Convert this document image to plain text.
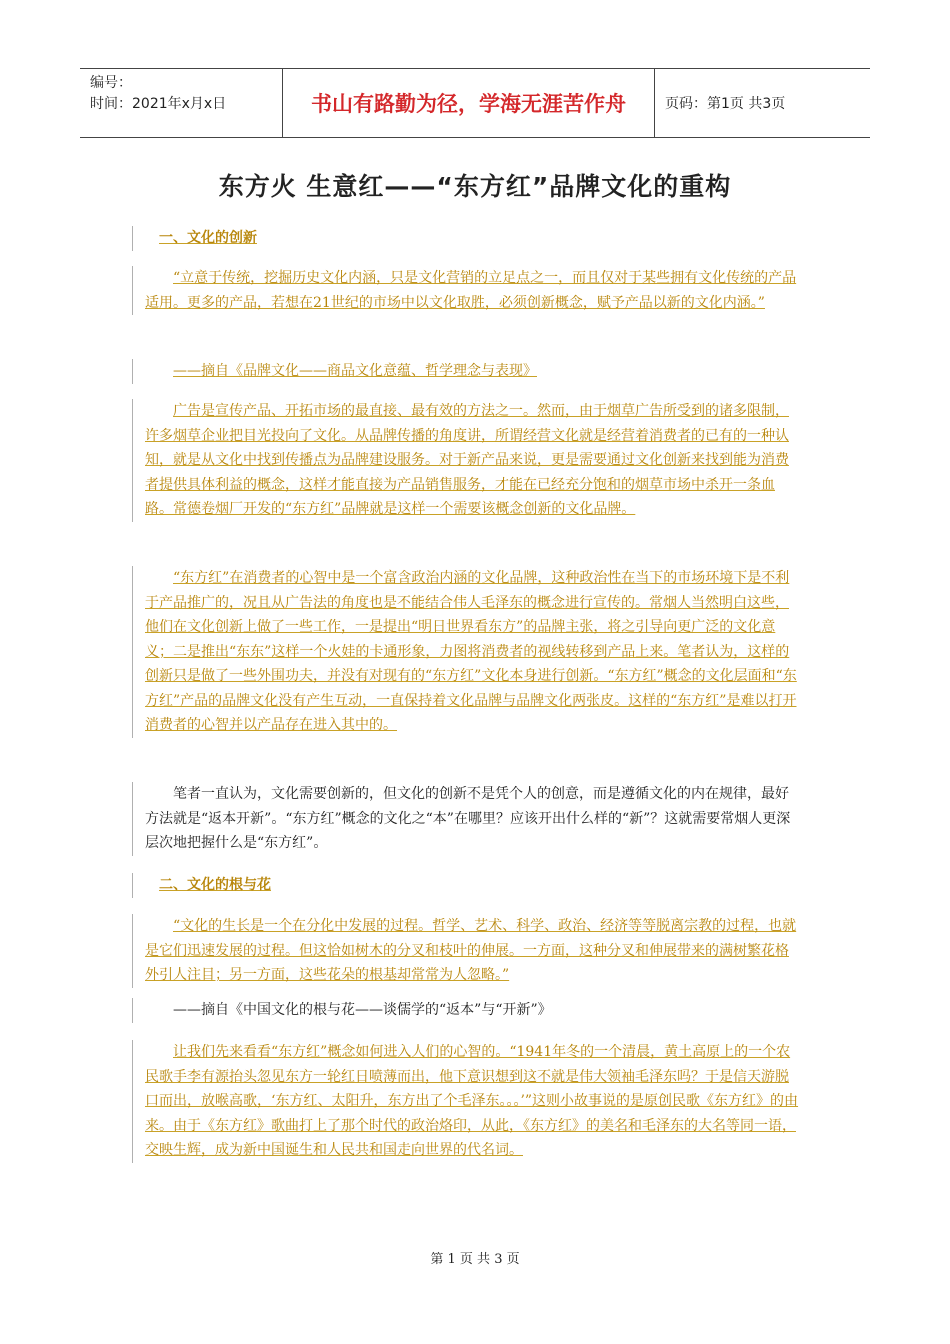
编号：
时间：2021年x月x日	书山有路勤为径，学海无涯苦作舟	页码：第1页 共3页
东方火 生意红——“东方红”品牌文化的重构
一、文化的创新
“立意于传统，挖掘历史文化内涵，只是文化营销的立足点之一，而且仅对于某些拥有文化传统的产品适用。更多的产品，若想在21世纪的市场中以文化取胜，必须创新概念，赋予产品以新的文化内涵。”
——摘自《品牌文化——商品文化意蕴、哲学理念与表现》
广告是宣传产品、开拓市场的最直接、最有效的方法之一。然而，由于烟草广告所受到的诸多限制，许多烟草企业把目光投向了文化。从品牌传播的角度讲，所谓经营文化就是经营着消费者的已有的一种认知，就是从文化中找到传播点为品牌建设服务。对于新产品来说，更是需要通过文化创新来找到能为消费者提供具体利益的概念，这样才能直接为产品销售服务，才能在已经充分饱和的烟草市场中杀开一条血路。常德卷烟厂开发的“东方红”品牌就是这样一个需要该概念创新的文化品牌。
“东方红”在消费者的心智中是一个富含政治内涵的文化品牌，这种政治性在当下的市场环境下是不利于产品推广的，况且从广告法的角度也是不能结合伟人毛泽东的概念进行宣传的。常烟人当然明白这些，他们在文化创新上做了一些工作，一是提出“明日世界看东方”的品牌主张，将之引导向更广泛的文化意义；二是推出“东东”这样一个火娃的卡通形象，力图将消费者的视线转移到产品上来。笔者认为，这样的创新只是做了一些外围功夫，并没有对现有的“东方红”文化本身进行创新。“东方红”概念的文化层面和“东方红”产品的品牌文化没有产生互动，一直保持着文化品牌与品牌文化两张皮。这样的“东方红”是难以打开消费者的心智并以产品存在进入其中的。
笔者一直认为，文化需要创新的，但文化的创新不是凭个人的创意，而是遵循文化的内在规律，最好方法就是“返本开新”。“东方红”概念的文化之“本”在哪里？应该开出什么样的“新”？这就需要常烟人更深层次地把握什么是“东方红”。
二、文化的根与花
“文化的生长是一个在分化中发展的过程。哲学、艺术、科学、政治、经济等等脱离宗教的过程，也就是它们迅速发展的过程。但这恰如树木的分叉和枝叶的伸展。一方面，这种分叉和伸展带来的满树繁花格外引人注目；另一方面，这些花朵的根基却常常为人忽略。”
——摘自《中国文化的根与花——谈儒学的“返本”与“开新”》
让我们先来看看“东方红”概念如何进入人们的心智的。“1941年冬的一个清晨，黄土高原上的一个农民歌手李有源抬头忽见东方一轮红日喷薄而出，他下意识想到这不就是伟大领袖毛泽东吗？于是信天游脱口而出，放喉高歌，‘东方红、太阳升，东方出了个毛泽东。。。’”这则小故事说的是原创民歌《东方红》的由来。由于《东方红》歌曲打上了那个时代的政治烙印，从此，《东方红》的美名和毛泽东的大名等同一语，交映生辉，成为新中国诞生和人民共和国走向世界的代名词。
第 1 页 共 3 页
